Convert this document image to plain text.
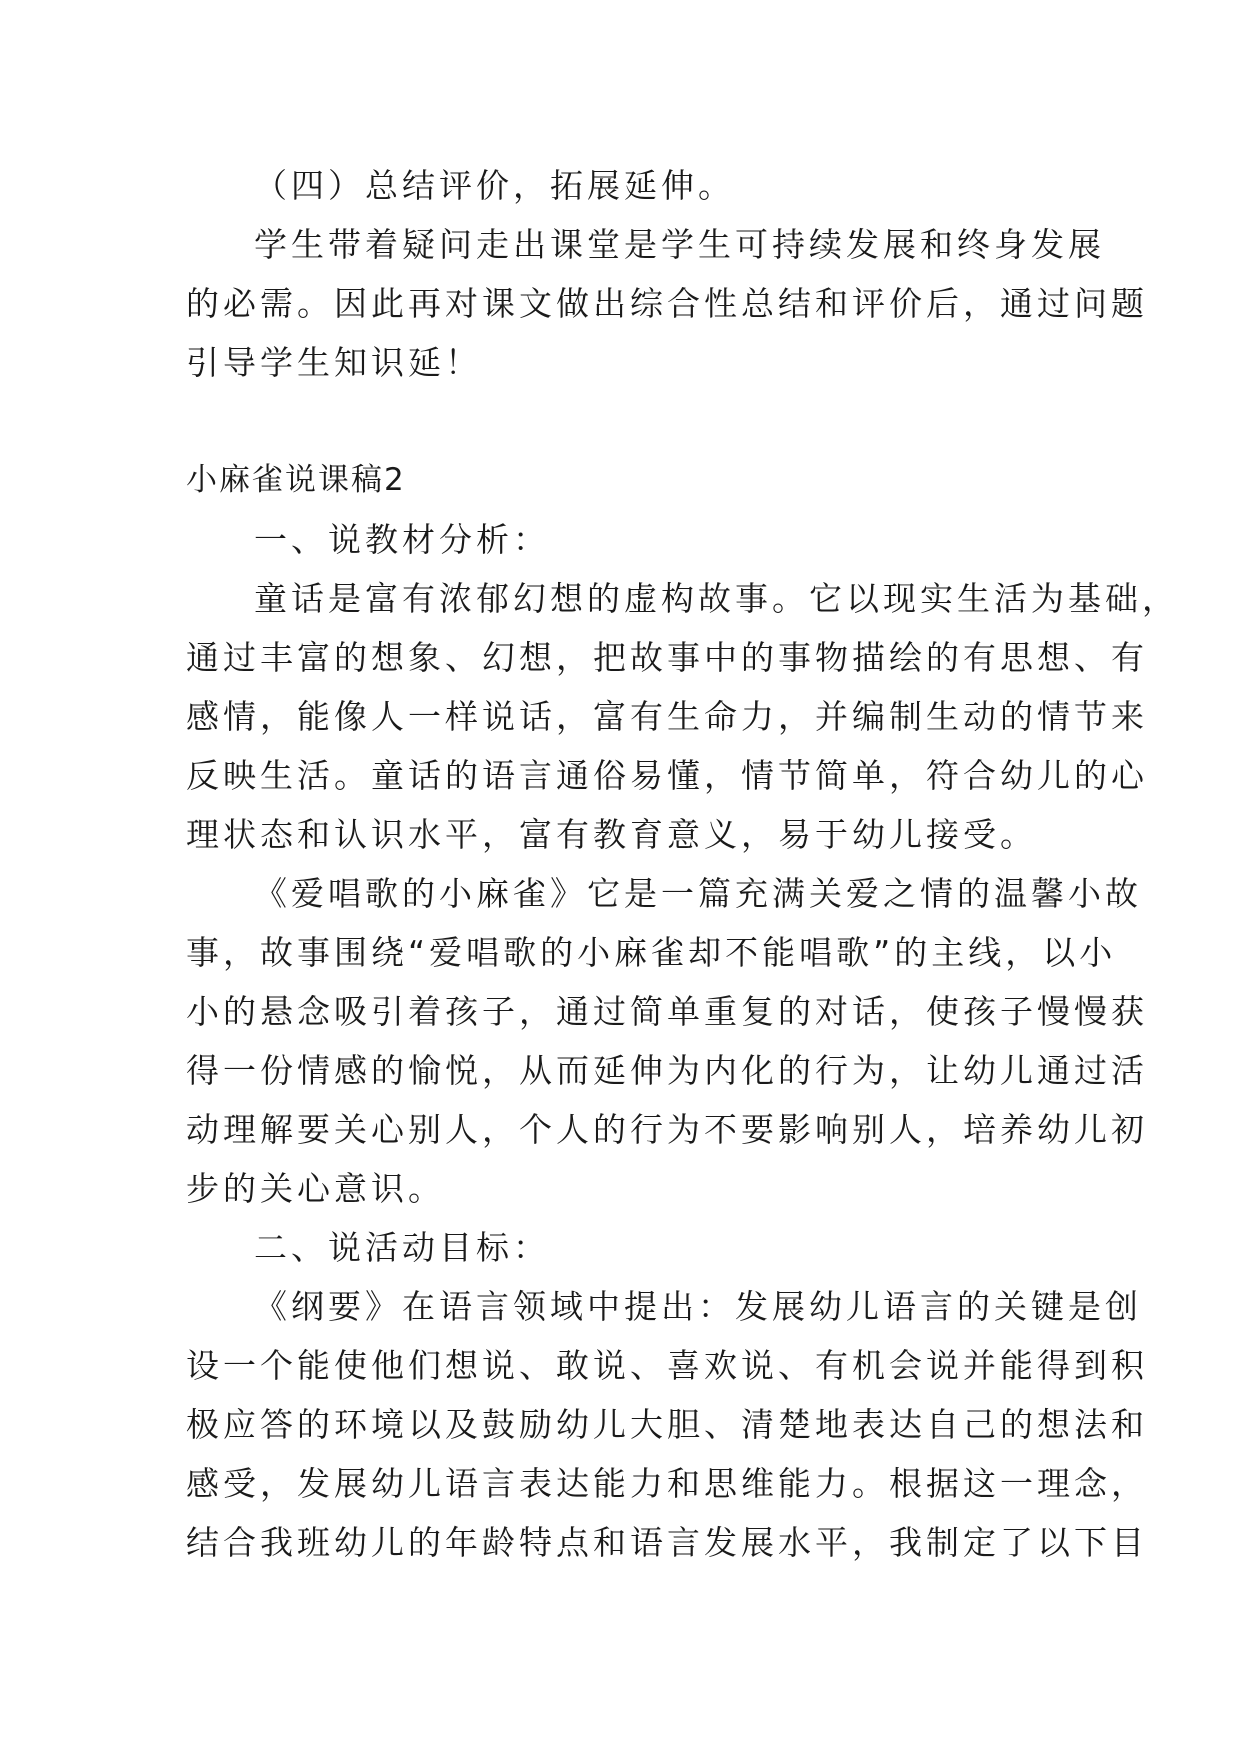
（四）总结评价，拓展延伸。
学生带着疑问走出课堂是学生可持续发展和终身发展
的必需。因此再对课文做出综合性总结和评价后，通过问题
引导学生知识延！
小麻雀说课稿2
一、说教材分析：
童话是富有浓郁幻想的虚构故事。它以现实生活为基础，
通过丰富的想象、幻想，把故事中的事物描绘的有思想、有
感情，能像人一样说话，富有生命力，并编制生动的情节来
反映生活。童话的语言通俗易懂，情节简单，符合幼儿的心
理状态和认识水平，富有教育意义，易于幼儿接受。
《爱唱歌的小麻雀》它是一篇充满关爱之情的温馨小故
事，故事围绕“爱唱歌的小麻雀却不能唱歌”的主线，以小
小的悬念吸引着孩子，通过简单重复的对话，使孩子慢慢获
得一份情感的愉悦，从而延伸为内化的行为，让幼儿通过活
动理解要关心别人，个人的行为不要影响别人，培养幼儿初
步的关心意识。
二、说活动目标：
《纲要》在语言领域中提出：发展幼儿语言的关键是创
设一个能使他们想说、敢说、喜欢说、有机会说并能得到积
极应答的环境以及鼓励幼儿大胆、清楚地表达自己的想法和
感受，发展幼儿语言表达能力和思维能力。根据这一理念，
结合我班幼儿的年龄特点和语言发展水平，我制定了以下目
